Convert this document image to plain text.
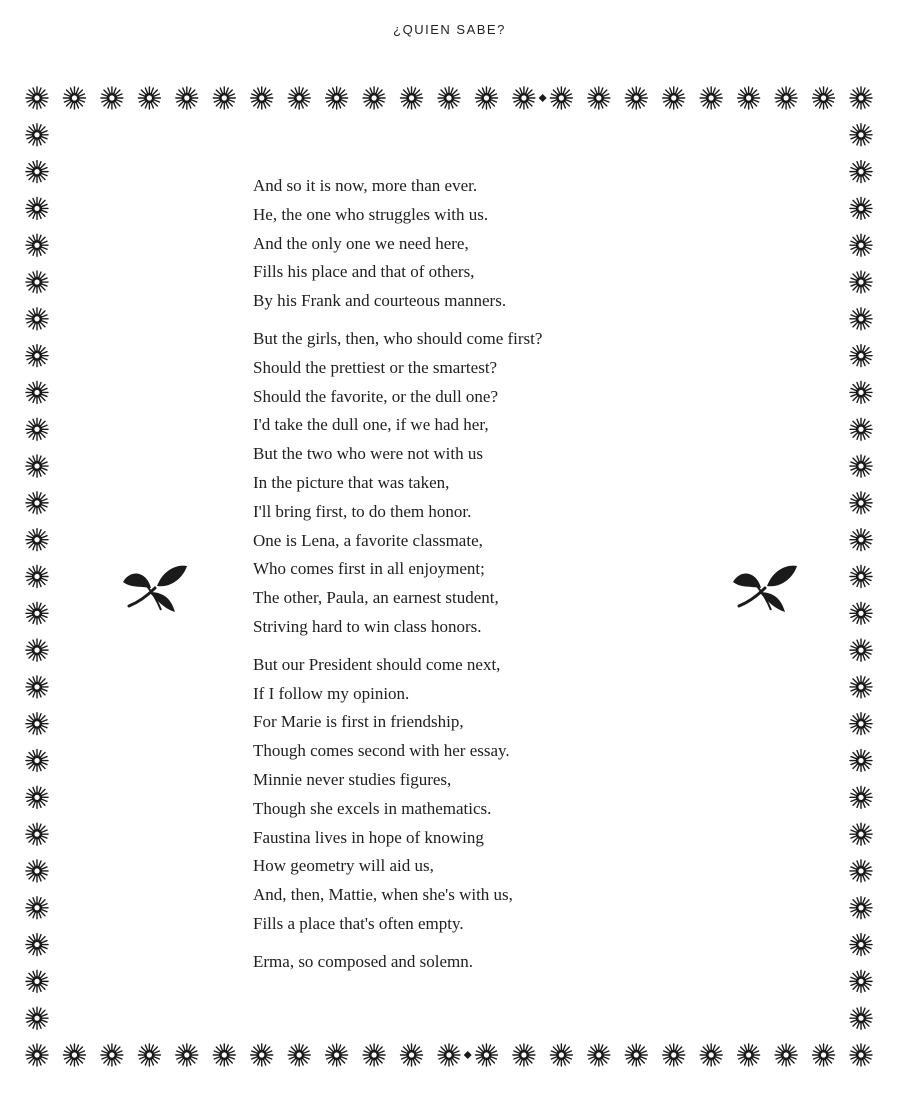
¿QUIEN SABE?
And so it is now, more than ever.
He, the one who struggles with us.
And the only one we need here,
Fills his place and that of others,
By his Frank and courteous manners.
But the girls, then, who should come first?
Should the prettiest or the smartest?
Should the favorite, or the dull one?
I'd take the dull one, if we had her,
But the two who were not with us
In the picture that was taken,
I'll bring first, to do them honor.
One is Lena, a favorite classmate,
Who comes first in all enjoyment;
The other, Paula, an earnest student,
Striving hard to win class honors.
But our President should come next,
If I follow my opinion.
For Marie is first in friendship,
Though comes second with her essay.
Minnie never studies figures,
Though she excels in mathematics.
Faustina lives in hope of knowing
How geometry will aid us,
And, then, Mattie, when she's with us,
Fills a place that's often empty.
Erma, so composed and solemn.
